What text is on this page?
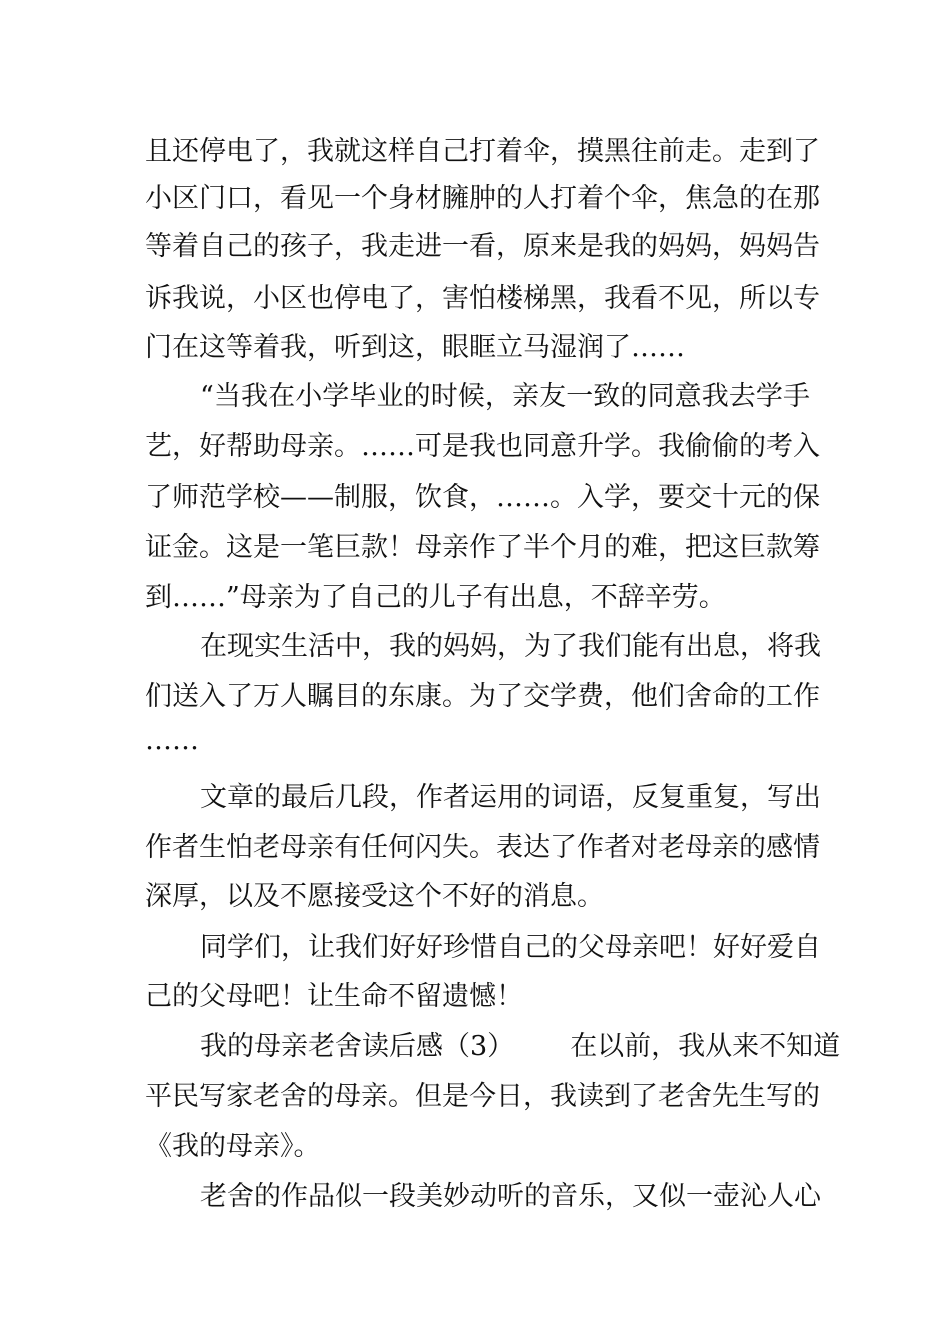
且还停电了，我就这样自己打着伞，摸黑往前走。走到了
小区门口，看见一个身材臃肿的人打着个伞，焦急的在那
等着自己的孩子，我走进一看，原来是我的妈妈，妈妈告
诉我说，小区也停电了，害怕楼梯黑，我看不见，所以专
门在这等着我，听到这，眼眶立马湿润了……
“当我在小学毕业的时候，亲友一致的同意我去学手
艺，好帮助母亲。……可是我也同意升学。我偷偷的考入
了师范学校——制服，饮食，……。入学，要交十元的保
证金。这是一笔巨款！母亲作了半个月的难，把这巨款筹
到……”母亲为了自己的儿子有出息，不辞辛劳。
在现实生活中，我的妈妈，为了我们能有出息，将我
们送入了万人瞩目的东康。为了交学费，他们舍命的工作
……
文章的最后几段，作者运用的词语，反复重复，写出
作者生怕老母亲有任何闪失。表达了作者对老母亲的感情
深厚，以及不愿接受这个不好的消息。
同学们，让我们好好珍惜自己的父母亲吧！好好爱自
己的父母吧！让生命不留遗憾！
我的母亲老舍读后感（3） 在以前，我从来不知道
平民写家老舍的母亲。但是今日，我读到了老舍先生写的
《我的母亲》。
老舍的作品似一段美妙动听的音乐，又似一壶沁人心
